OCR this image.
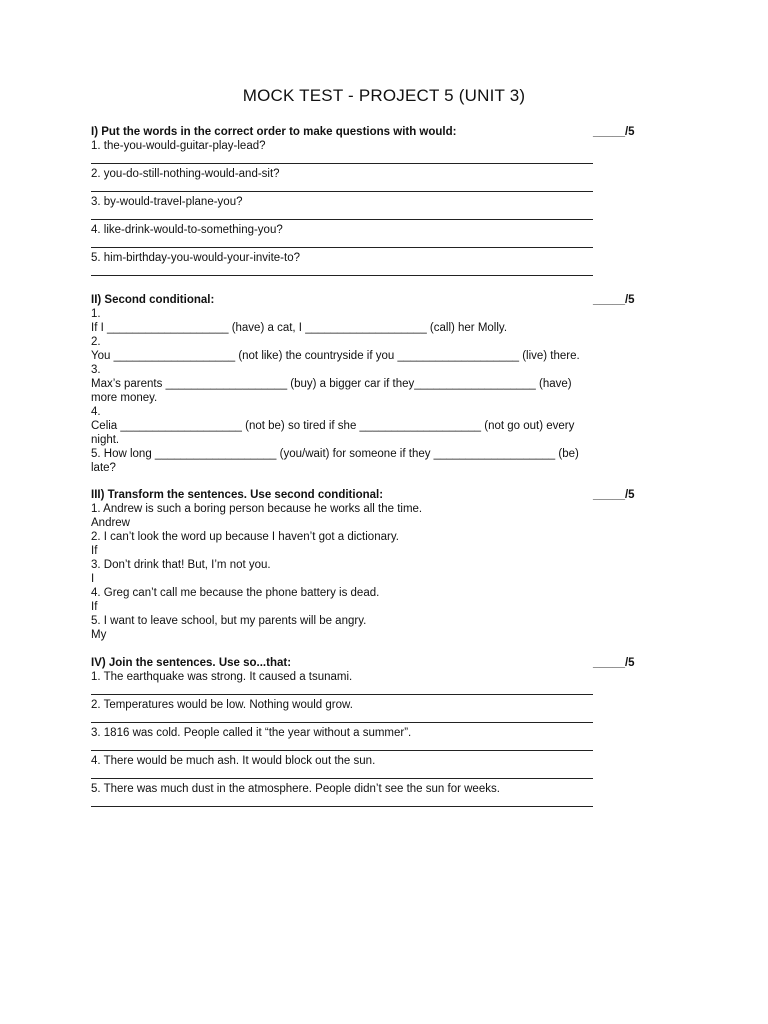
MOCK TEST - PROJECT 5 (UNIT 3)
I) Put the words in the correct order to make questions with would:	_____/5
1. the-you-would-guitar-play-lead?
2. you-do-still-nothing-would-and-sit?
3. by-would-travel-plane-you?
4. like-drink-would-to-something-you?
5. him-birthday-you-would-your-invite-to?
II) Second conditional:	_____/5
1.
If I ___________________ (have) a cat, I ___________________ (call) her Molly.
2.
You ___________________ (not like) the countryside if you ___________________ (live) there.
3.
Max’s parents ___________________ (buy) a bigger car if they___________________ (have)
more money.
4.
Celia ___________________ (not be) so tired if she ___________________ (not go out) every
night.
5. How long ___________________ (you/wait) for someone if they ___________________ (be)
late?
III) Transform the sentences. Use second conditional:	_____/5
1. Andrew is such a boring person because he works all the time.
Andrew
2. I can’t look the word up because I haven’t got a dictionary.
If
3. Don’t drink that! But, I’m not you.
I
4. Greg can’t call me because the phone battery is dead.
If
5. I want to leave school, but my parents will be angry.
My
IV) Join the sentences. Use so...that:	_____/5
1. The earthquake was strong. It caused a tsunami.
2. Temperatures would be low. Nothing would grow.
3. 1816 was cold. People called it “the year without a summer”.
4. There would be much ash. It would block out the sun.
5. There was much dust in the atmosphere. People didn’t see the sun for weeks.
